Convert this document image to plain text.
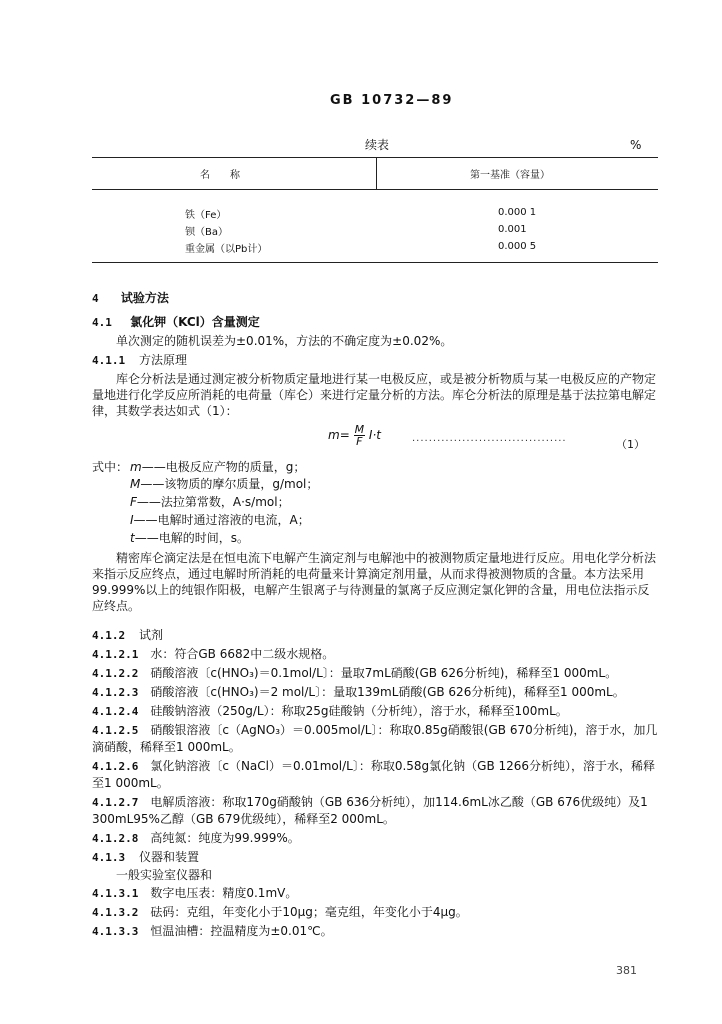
GB 10732—89
续表	%
名　　称	第一基准（容量）
铁（Fe）	0.000 1
钡（Ba）	0.001
重金属（以Pb计）	0.000 5
4 试验方法
4.1 氯化钾（KCl）含量测定
单次测定的随机误差为±0.01%，方法的不确定度为±0.02%。
4.1.1 方法原理
库仑分析法是通过测定被分析物质定量地进行某一电极反应，或是被分析物质与某一电极反应的产物定量地进行化学反应所消耗的电荷量（库仑）来进行定量分析的方法。库仑分析法的原理是基于法拉第电解定律，其数学表达如式（1）：
$m= \frac{M}{F} I\cdot t$	·····································	（1）
式中： m——电极反应产物的质量，g；
M——该物质的摩尔质量，g/mol；
F——法拉第常数，A·s/mol；
I——电解时通过溶液的电流，A；
t——电解的时间，s。
精密库仑滴定法是在恒电流下电解产生滴定剂与电解池中的被测物质定量地进行反应。用电化学分析法来指示反应终点，通过电解时所消耗的电荷量来计算滴定剂用量，从而求得被测物质的含量。本方法采用99.999%以上的纯银作阳极，电解产生银离子与待测量的氯离子反应测定氯化钾的含量，用电位法指示反应终点。
4.1.2 试剂
4.1.2.1 水：符合GB 6682中二级水规格。
4.1.2.2 硝酸溶液〔c(HNO₃)＝0.1mol/L〕：量取7mL硝酸(GB 626分析纯)，稀释至1 000mL。
4.1.2.3 硝酸溶液〔c(HNO₃)＝2 mol/L〕：量取139mL硝酸(GB 626分析纯)，稀释至1 000mL。
4.1.2.4 硅酸钠溶液（250g/L）：称取25g硅酸钠（分析纯），溶于水，稀释至100mL。
4.1.2.5 硝酸银溶液〔c（AgNO₃）＝0.005mol/L〕：称取0.85g硝酸银(GB 670分析纯)，溶于水，加几滴硝酸，稀释至1 000mL。
4.1.2.6 氯化钠溶液〔c（NaCl）＝0.01mol/L〕：称取0.58g氯化钠（GB 1266分析纯），溶于水，稀释至1 000mL。
4.1.2.7 电解质溶液：称取170g硝酸钠（GB 636分析纯），加114.6mL冰乙酸（GB 676优级纯）及1 300mL95%乙醇（GB 679优级纯），稀释至2 000mL。
4.1.2.8 高纯氮：纯度为99.999%。
4.1.3 仪器和装置
一般实验室仪器和
4.1.3.1 数字电压表：精度0.1mV。
4.1.3.2 砝码：克组，年变化小于10μg；毫克组，年变化小于4μg。
4.1.3.3 恒温油槽：控温精度为±0.01℃。
381
